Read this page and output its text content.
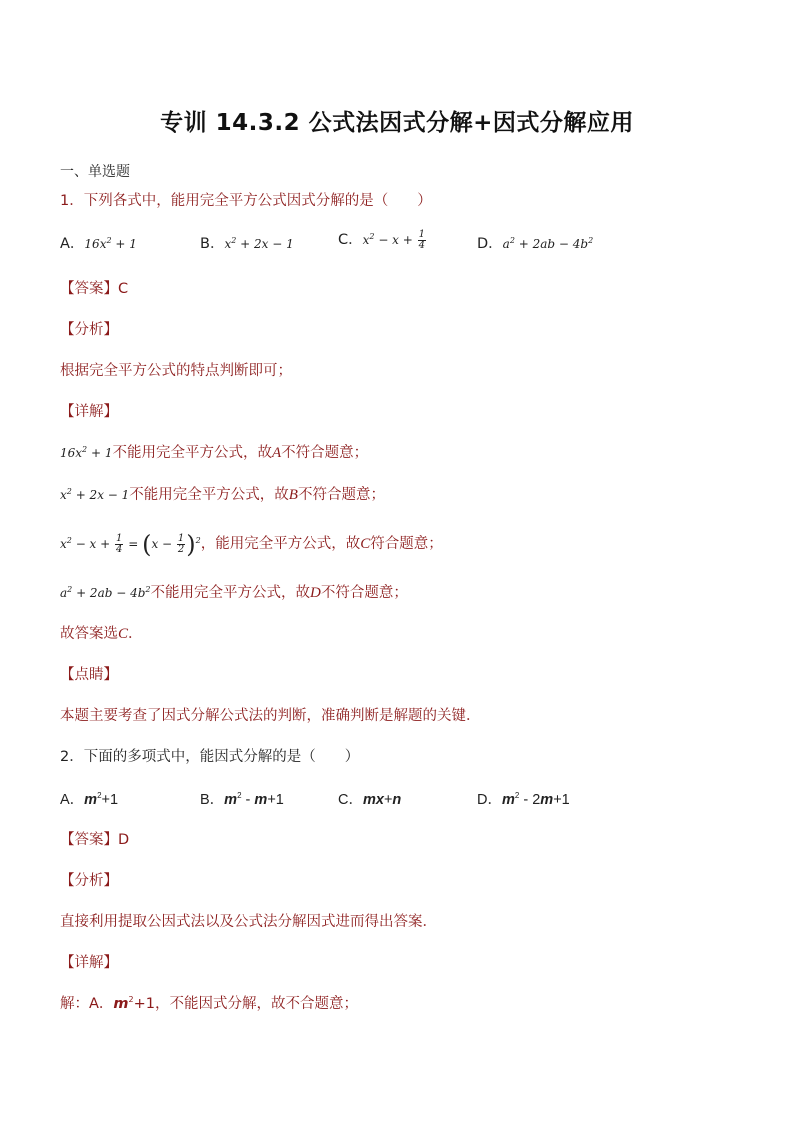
专训 14.3.2 公式法因式分解+因式分解应用
一、单选题
1．下列各式中，能用完全平方公式因式分解的是（　　）
A．$16x^2 + 1$	B．$x^2 + 2x - 1$	C．$x^2 - x + \frac{1}{4}$	D．$a^2 + 2ab - 4b^2$
【答案】C
【分析】
根据完全平方公式的特点判断即可；
【详解】
$16x^2 + 1$不能用完全平方公式，故A不符合题意；
$x^2 + 2x - 1$不能用完全平方公式，故B不符合题意；
$x^2 - x + \frac{1}{4} = (x - \frac{1}{2} )^2$，能用完全平方公式，故C符合题意；
$a^2 + 2ab - 4b^2$不能用完全平方公式，故D不符合题意；
故答案选C．
【点睛】
本题主要考查了因式分解公式法的判断，准确判断是解题的关键．
2．下面的多项式中，能因式分解的是（　　）
A．$m^2+1$	B．$m^2 - m+1$	C．mx+n	D．$m^2 - 2m+1$
【答案】D
【分析】
直接利用提取公因式法以及公式法分解因式进而得出答案．
【详解】
解：A．$m^2+1$，不能因式分解，故不合题意；
